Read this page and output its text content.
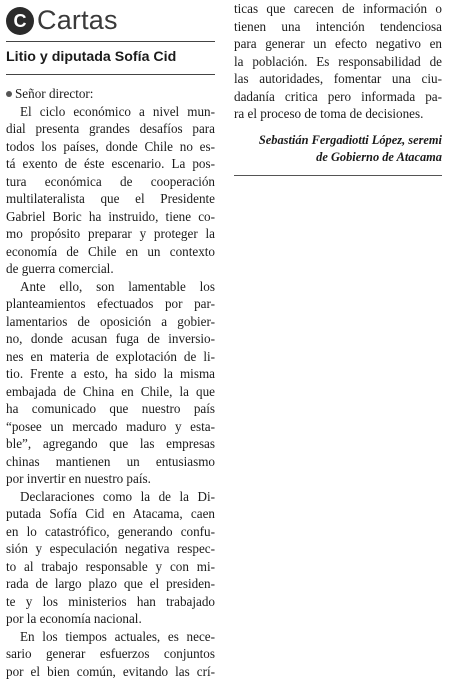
C Cartas
Litio y diputada Sofía Cid
Señor director:
El ciclo económico a nivel mun-
dial presenta grandes desafíos para
todos los países, donde Chile no es-
tá exento de éste escenario. La pos-
tura económica de cooperación
multilateralista que el Presidente
Gabriel Boric ha instruido, tiene co-
mo propósito preparar y proteger la
economía de Chile en un contexto
de guerra comercial.
Ante ello, son lamentable los
planteamientos efectuados por par-
lamentarios de oposición a gobier-
no, donde acusan fuga de inversio-
nes en materia de explotación de li-
tio. Frente a esto, ha sido la misma
embajada de China en Chile, la que
ha comunicado que nuestro país
“posee un mercado maduro y esta-
ble”, agregando que las empresas
chinas mantienen un entusiasmo
por invertir en nuestro país.
Declaraciones como la de la Di-
putada Sofía Cid en Atacama, caen
en lo catastrófico, generando confu-
sión y especulación negativa respec-
to al trabajo responsable y con mi-
rada de largo plazo que el presiden-
te y los ministerios han trabajado
por la economía nacional.
En los tiempos actuales, es nece-
sario generar esfuerzos conjuntos
por el bien común, evitando las crí-
ticas que carecen de información o
tienen una intención tendenciosa
para generar un efecto negativo en
la población. Es responsabilidad de
las autoridades, fomentar una ciu-
dadanía critica pero informada pa-
ra el proceso de toma de decisiones.
Sebastián Fergadiotti López, seremi
de Gobierno de Atacama
